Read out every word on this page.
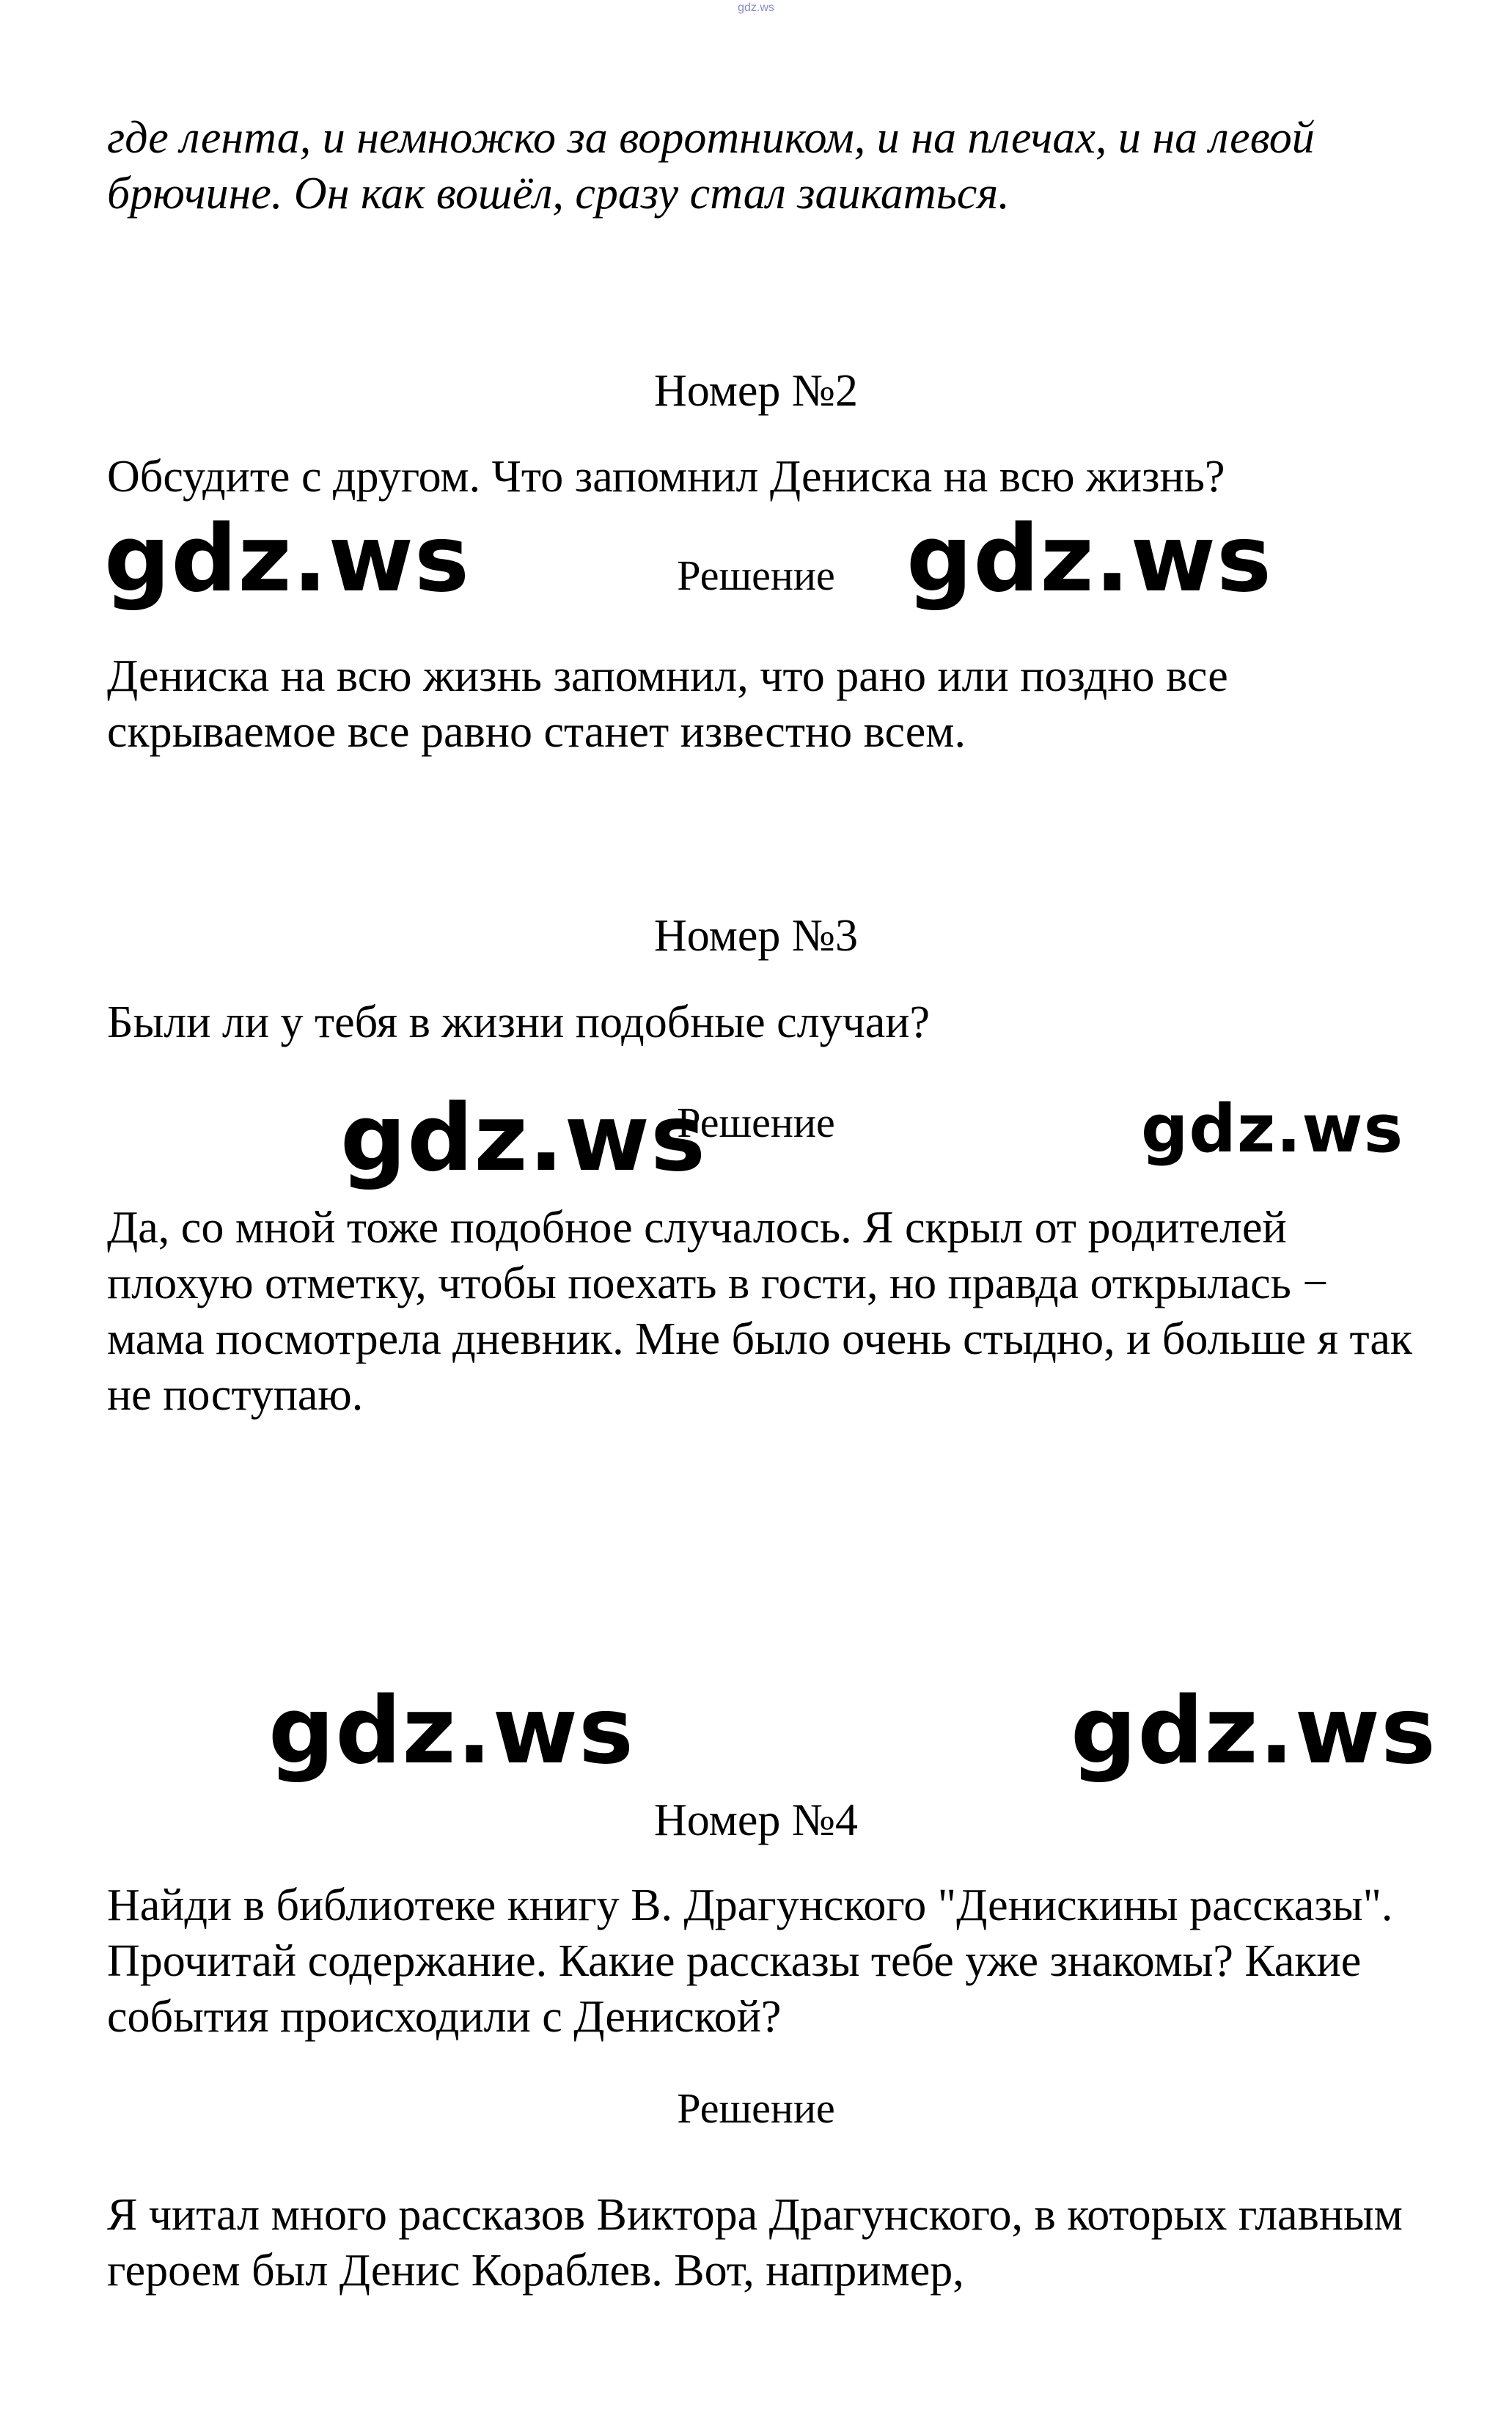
gdz.ws

где лента, и немножко за воротником, и на плечах, и на левой брючине. Он как вошёл, сразу стал заикаться.

Номер №2

Обсудите с другом. Что запомнил Дениска на всю жизнь?

Решение

Дениска на всю жизнь запомнил, что рано или поздно все скрываемое все равно станет известно всем.

Номер №3

Были ли у тебя в жизни подобные случаи?

Решение

Да, со мной тоже подобное случалось. Я скрыл от родителей плохую отметку, чтобы поехать в гости, но правда открылась − мама посмотрела дневник. Мне было очень стыдно, и больше я так не поступаю.

Номер №4

Найди в библиотеке книгу В. Драгунского "Денискины рассказы". Прочитай содержание. Какие рассказы тебе уже знакомы? Какие события происходили с Дениской?

Решение

Я читал много рассказов Виктора Драгунского, в которых главным героем был Денис Кораблев. Вот, например,

gdz.ws	gdz.ws
gdz.ws	gdz.ws
gdz.ws	gdz.ws
